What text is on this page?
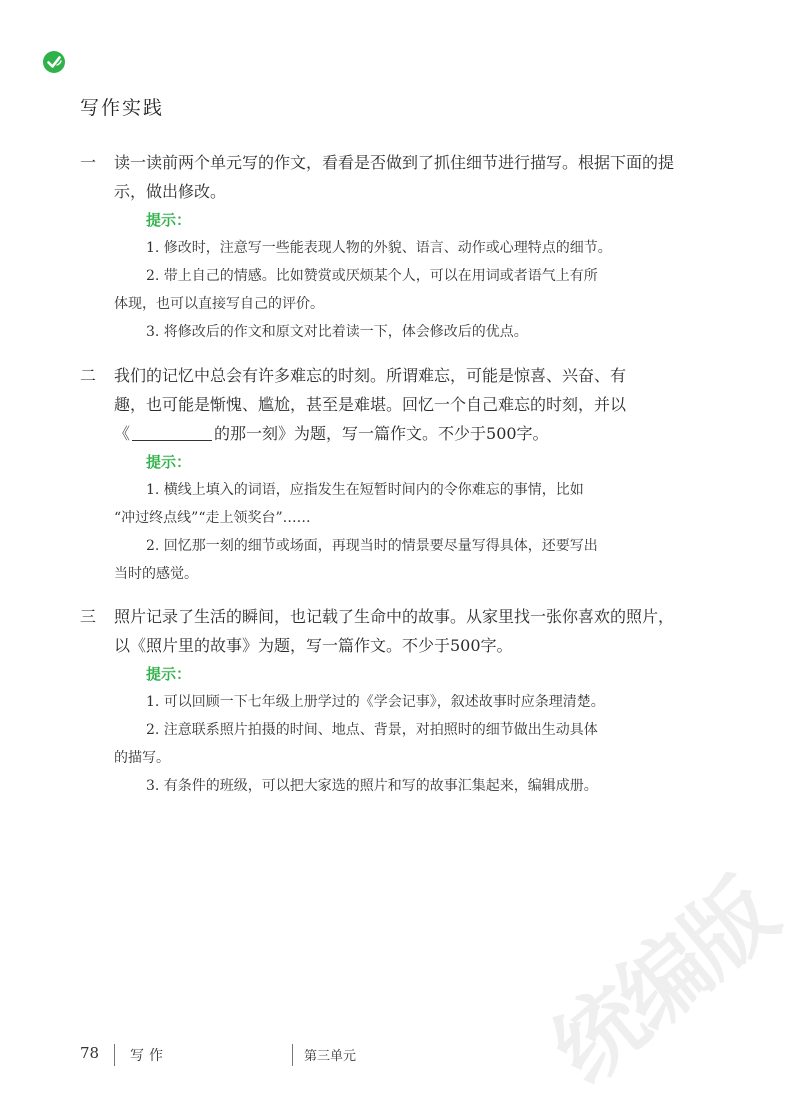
写作实践
一 读一读前两个单元写的作文，看看是否做到了抓住细节进行描写。根据下面的提
示，做出修改。
提示：
1. 修改时，注意写一些能表现人物的外貌、语言、动作或心理特点的细节。
2. 带上自己的情感。比如赞赏或厌烦某个人，可以在用词或者语气上有所
体现，也可以直接写自己的评价。
3. 将修改后的作文和原文对比着读一下，体会修改后的优点。
二 我们的记忆中总会有许多难忘的时刻。所谓难忘，可能是惊喜、兴奋、有
趣，也可能是惭愧、尴尬，甚至是难堪。回忆一个自己难忘的时刻，并以
《	的那一刻》为题，写一篇作文。不少于500字。
提示：
1. 横线上填入的词语，应指发生在短暂时间内的令你难忘的事情，比如
“冲过终点线”“走上领奖台”……
2. 回忆那一刻的细节或场面，再现当时的情景要尽量写得具体，还要写出
当时的感觉。
三 照片记录了生活的瞬间，也记载了生命中的故事。从家里找一张你喜欢的照片，
以《照片里的故事》为题，写一篇作文。不少于500字。
提示：
1. 可以回顾一下七年级上册学过的《学会记事》，叙述故事时应条理清楚。
2. 注意联系照片拍摄的时间、地点、背景，对拍照时的细节做出生动具体
的描写。
3. 有条件的班级，可以把大家选的照片和写的故事汇集起来，编辑成册。
统编版
78 写作	第三单元
